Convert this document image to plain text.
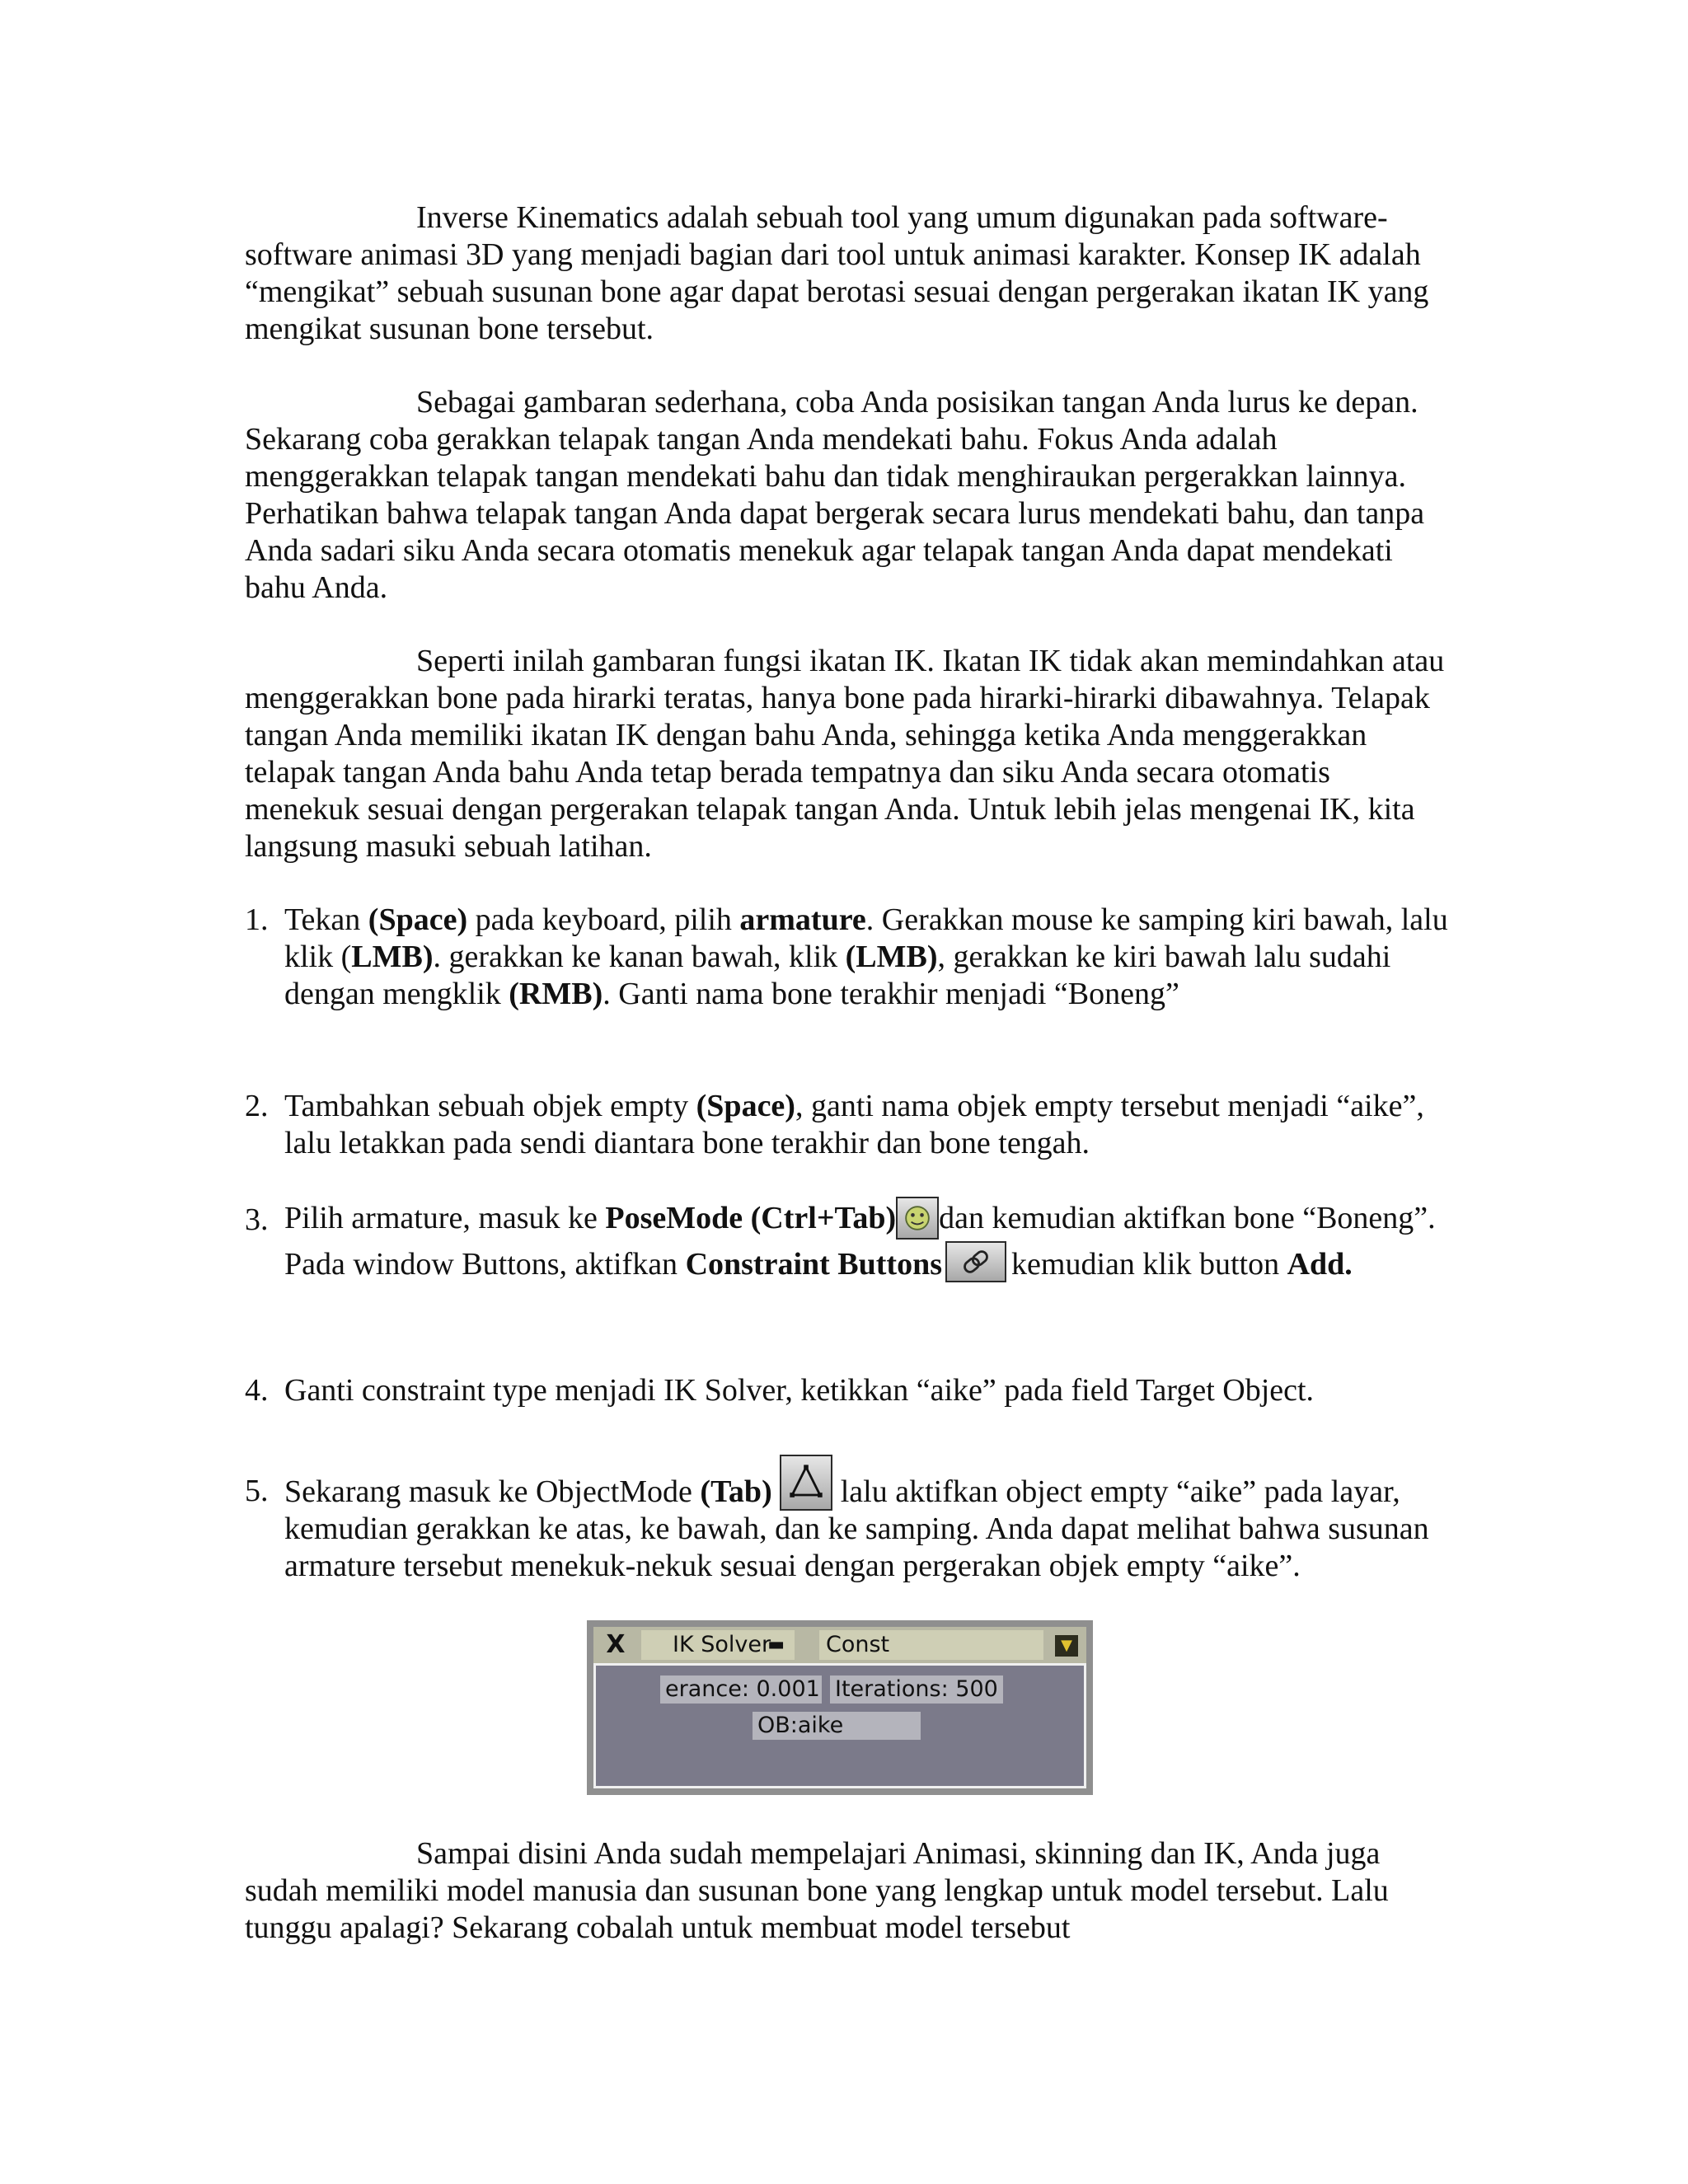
Inverse Kinematics adalah sebuah tool yang umum digunakan pada software-software animasi 3D yang menjadi bagian dari tool untuk animasi karakter. Konsep IK adalah “mengikat” sebuah susunan bone agar dapat berotasi sesuai dengan pergerakan ikatan IK yang mengikat susunan bone tersebut.

Sebagai gambaran sederhana, coba Anda posisikan tangan Anda lurus ke depan. Sekarang coba gerakkan telapak tangan Anda mendekati bahu. Fokus Anda adalah menggerakkan telapak tangan mendekati bahu dan tidak menghiraukan pergerakkan lainnya. Perhatikan bahwa telapak tangan Anda dapat bergerak secara lurus mendekati bahu, dan tanpa Anda sadari siku Anda secara otomatis menekuk agar telapak tangan Anda dapat mendekati bahu Anda.

Seperti inilah gambaran fungsi ikatan IK. Ikatan IK tidak akan memindahkan atau menggerakkan bone pada hirarki teratas, hanya bone pada hirarki-hirarki dibawahnya. Telapak tangan Anda memiliki ikatan IK dengan bahu Anda, sehingga ketika Anda menggerakkan telapak tangan Anda bahu Anda tetap berada tempatnya dan siku Anda secara otomatis menekuk sesuai dengan pergerakan telapak tangan Anda. Untuk lebih jelas mengenai IK, kita langsung masuki sebuah latihan.

1. Tekan (Space) pada keyboard, pilih armature. Gerakkan mouse ke samping kiri bawah, lalu klik (LMB). gerakkan ke kanan bawah, klik (LMB), gerakkan ke kiri bawah lalu sudahi dengan mengklik (RMB). Ganti nama bone terakhir menjadi “Boneng”
2. Tambahkan sebuah objek empty (Space), ganti nama objek empty tersebut menjadi “aike”, lalu letakkan pada sendi diantara bone terakhir dan bone tengah.
3. Pilih armature, masuk ke PoseMode (Ctrl+Tab) dan kemudian aktifkan bone “Boneng”. Pada window Buttons, aktifkan Constraint Buttons kemudian klik button Add.
4. Ganti constraint type menjadi IK Solver, ketikkan “aike” pada field Target Object.
5. Sekarang masuk ke ObjectMode (Tab)
lalu aktifkan object empty “aike” pada layar, kemudian gerakkan ke atas, ke bawah, dan ke samping. Anda dapat melihat bahwa susunan armature tersebut menekuk-nekuk sesuai dengan pergerakan objek empty “aike”.
X	IK Solver
▬ Const	▼
erance: 0.001 Iterations: 500
OB:aike

Sampai disini Anda sudah mempelajari Animasi, skinning dan IK, Anda juga sudah memiliki model manusia dan susunan bone yang lengkap untuk model tersebut. Lalu tunggu apalagi? Sekarang cobalah untuk membuat model tersebut
